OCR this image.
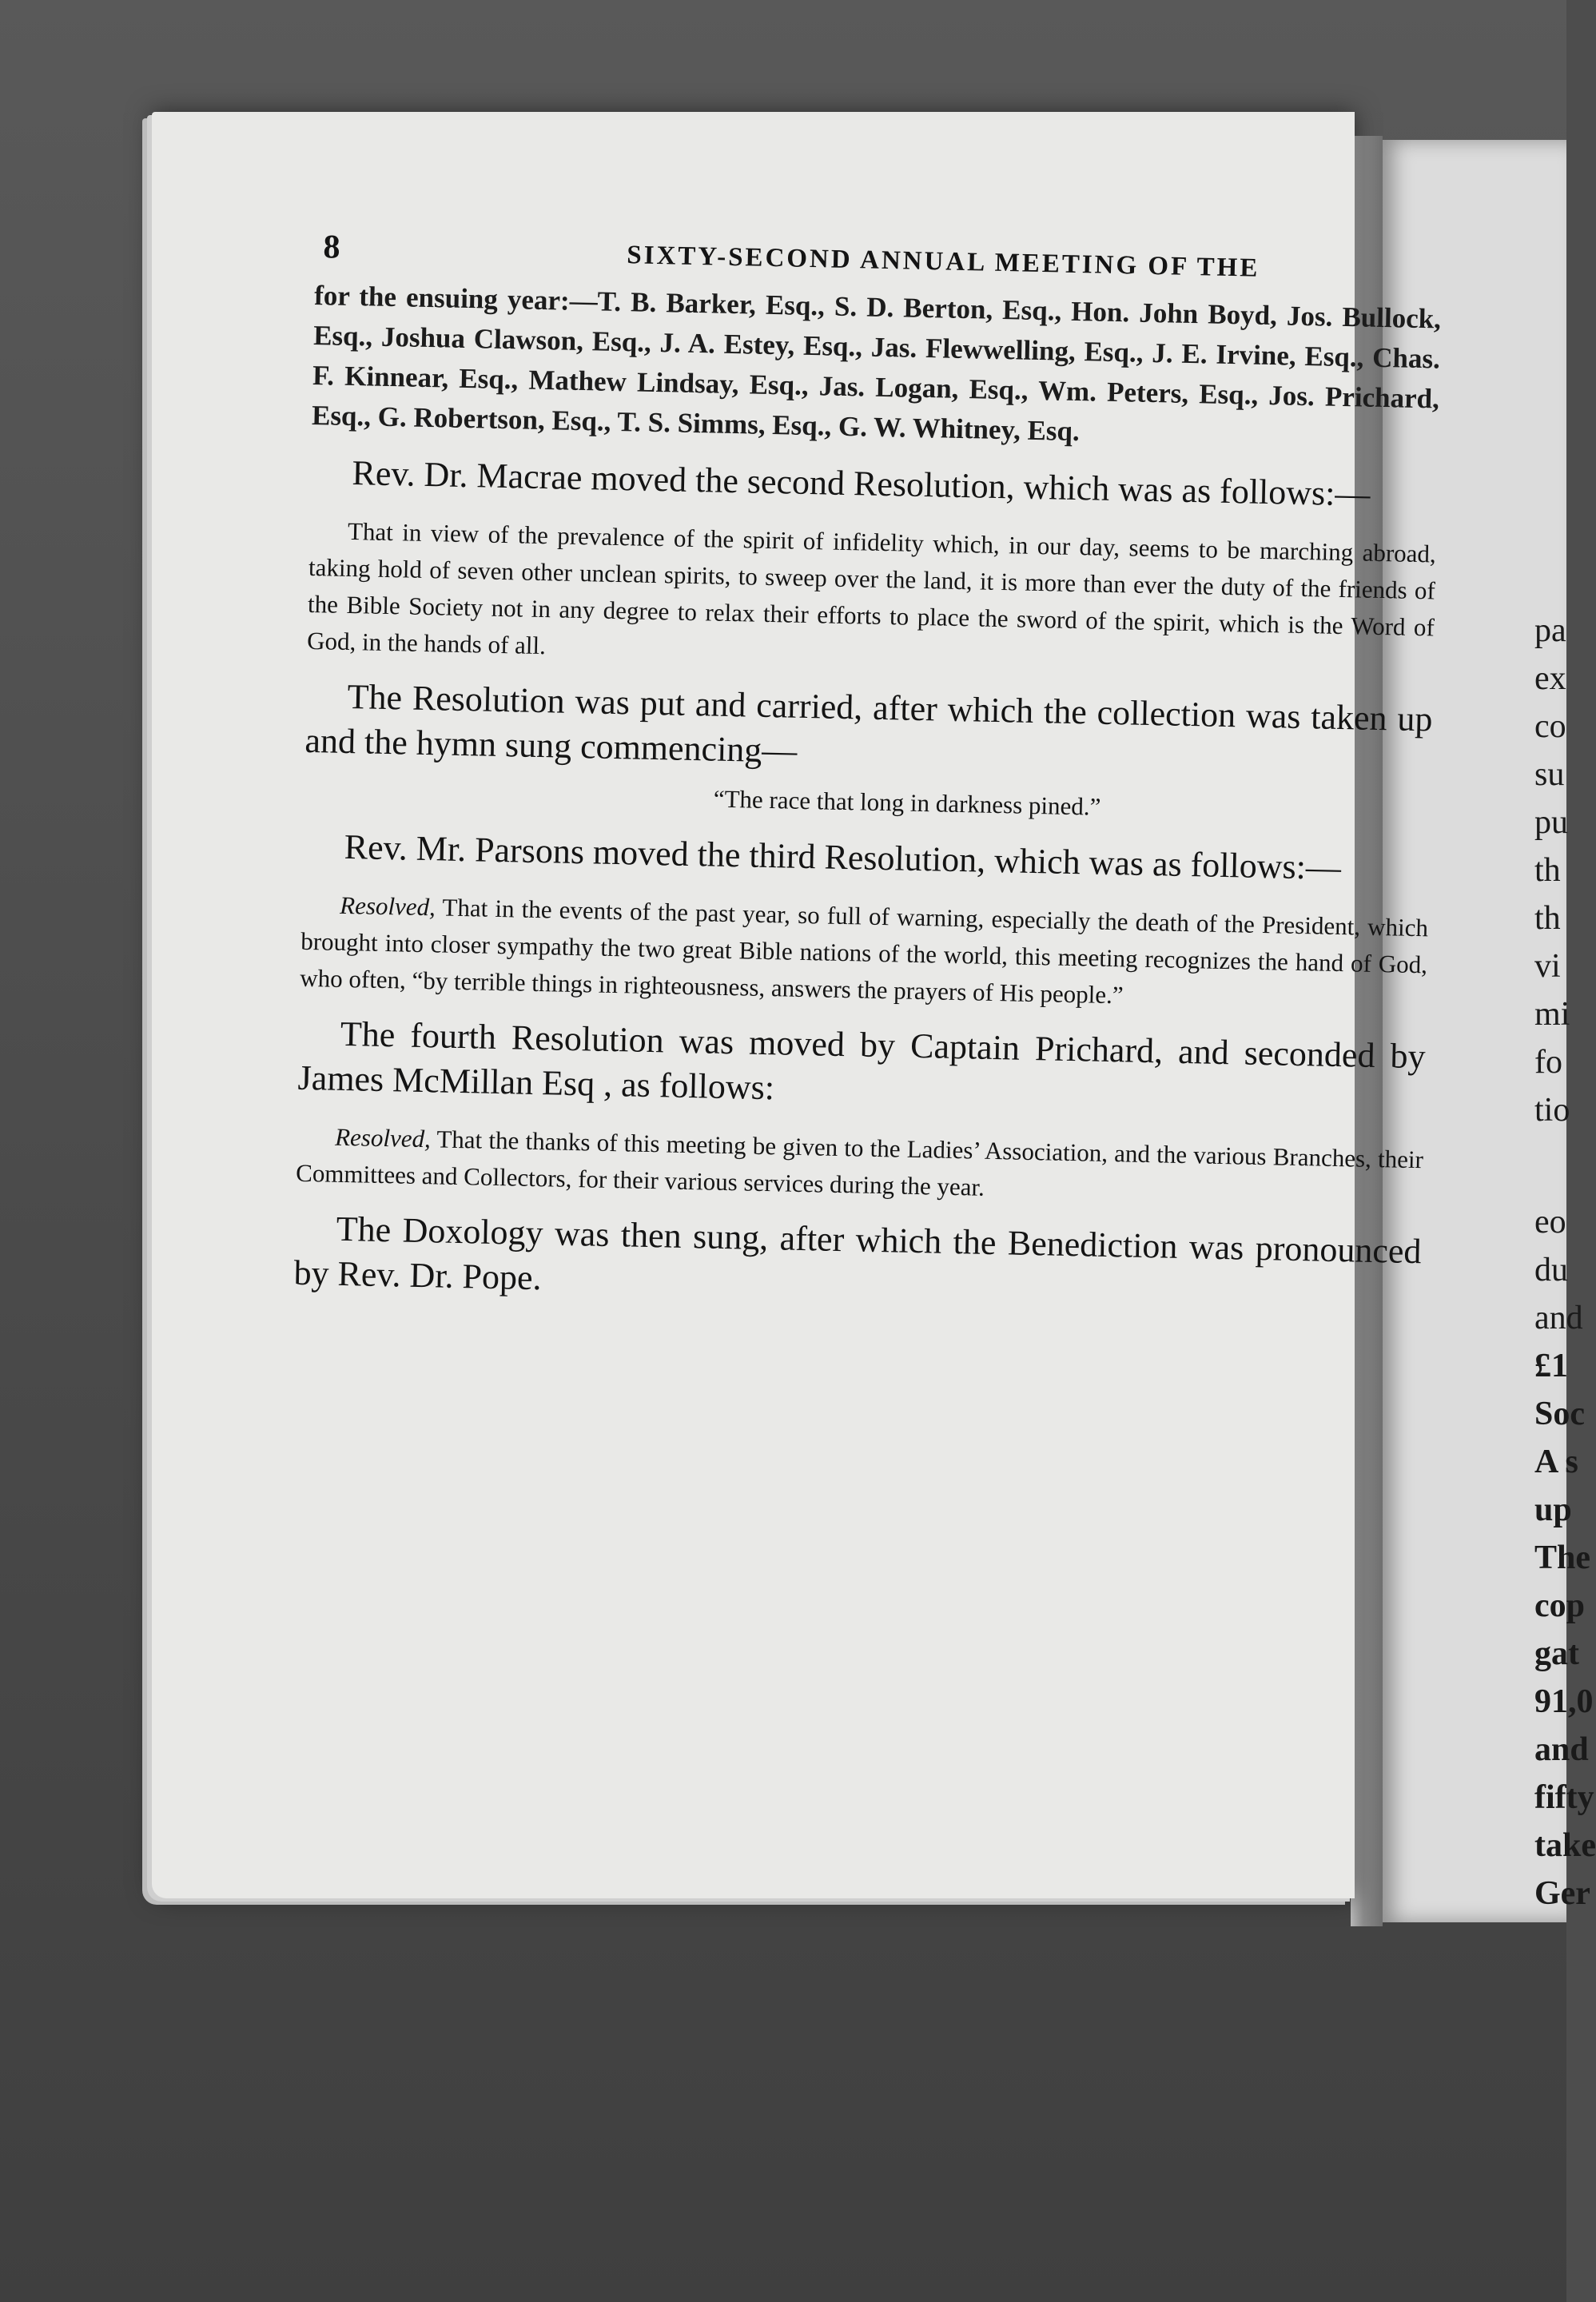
pa
ex
co
su
pu
th
th
vi
mi
fo
tio
eo
du
and
£1
Soc
A s
up
The
cop
gat
91,0
and
fifty
take
Ger
8	SIXTY-SECOND ANNUAL MEETING OF THE

for the ensuing year:—T. B. Barker, Esq., S. D. Berton, Esq., Hon. John Boyd, Jos. Bullock, Esq., Joshua Clawson, Esq., J. A. Estey, Esq., Jas. Flewwelling, Esq., J. E. Irvine, Esq., Chas. F. Kinnear, Esq., Mathew Lindsay, Esq., Jas. Logan, Esq., Wm. Peters, Esq., Jos. Prichard, Esq., G. Robertson, Esq., T. S. Simms, Esq., G. W. Whitney, Esq.

Rev. Dr. Macrae moved the second Resolution, which was as follows:—

That in view of the prevalence of the spirit of infidelity which, in our day, seems to be marching abroad, taking hold of seven other unclean spirits, to sweep over the land, it is more than ever the duty of the friends of the Bible Society not in any degree to relax their efforts to place the sword of the spirit, which is the Word of God, in the hands of all.

The Resolution was put and carried, after which the collection was taken up and the hymn sung commencing—

“The race that long in darkness pined.”

Rev. Mr. Parsons moved the third Resolution, which was as follows:—

Resolved, That in the events of the past year, so full of warning, especially the death of the President, which brought into closer sympathy the two great Bible nations of the world, this meeting recognizes the hand of God, who often, “by terrible things in righteousness, answers the prayers of His people.”

The fourth Resolution was moved by Captain Prichard, and seconded by James McMillan Esq , as follows:

Resolved, That the thanks of this meeting be given to the Ladies’ Association, and the various Branches, their Committees and Collectors, for their various services during the year.

The Doxology was then sung, after which the Benediction was pronounced by Rev. Dr. Pope.
